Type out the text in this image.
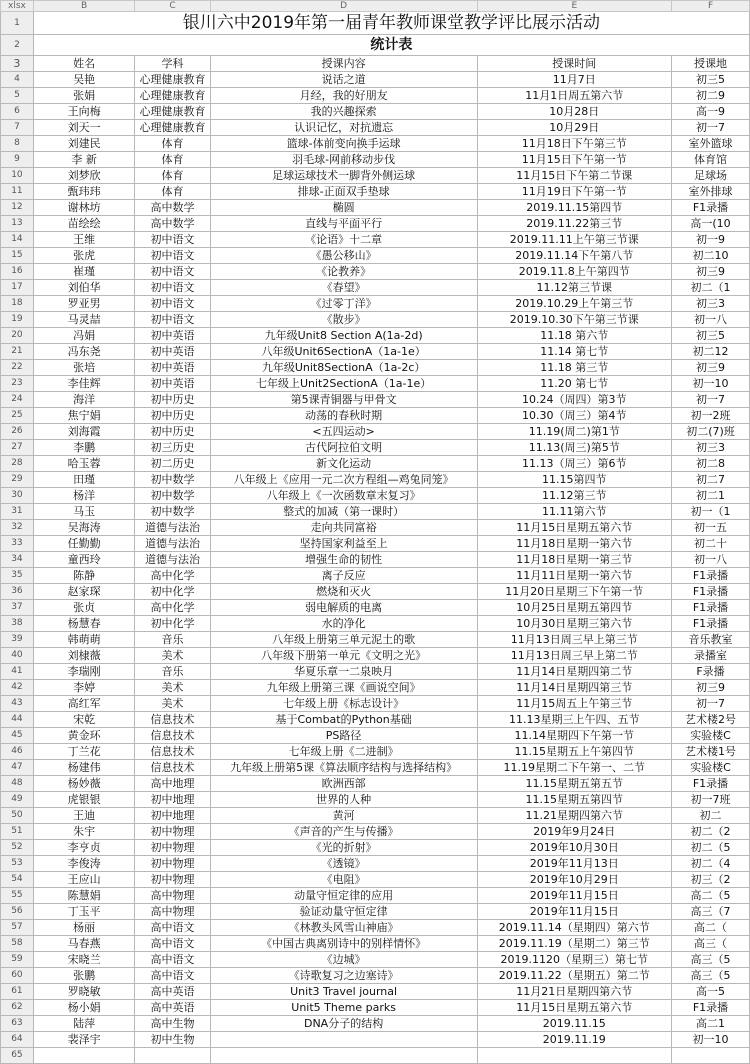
xlsx	B	C	D	E	F
1	银川六中2019年第一届青年教师课堂教学评比展示活动				
2	统计表				
3	姓名	学科	授课内容	授课时间	授课地
4	吴艳	心理健康教育	说话之道	11月7日	初三5
5	张娟	心理健康教育	月经，我的好朋友	11月1日周五第六节	初二9
6	王向梅	心理健康教育	我的兴趣探索	10月28日	高一9
7	刘天一	心理健康教育	认识记忆，对抗遗忘	10月29日	初一7
8	刘建民	体育	篮球-体前变向换手运球	11月18日下午第三节	室外篮球
9	李 新	体育	羽毛球-网前移动步伐	11月15日下午第一节	体育馆
10	刘梦欣	体育	足球运球技术一脚背外侧运球	11月15日下午第二节课	足球场
11	甄玮玮	体育	排球-正面双手垫球	11月19日下午第一节	室外排球
12	谢林坊	高中数学	椭圆	2019.11.15第四节	F1录播
13	苗绘绘	高中数学	直线与平面平行	2019.11.22第三节	高一(10
14	王维	初中语文	《论语》十二章	2019.11.11上午第三节课	初一9
15	张虎	初中语文	《愚公移山》	2019.11.14下午第八节	初二10
16	崔瑾	初中语文	《论教养》	2019.11.8上午第四节	初三9
17	刘伯华	初中语文	《春望》	11.12第三节课	初二（1
18	罗亚男	初中语文	《过零丁洋》	2019.10.29上午第三节	初三3
19	马灵喆	初中语文	《散步》	2019.10.30下午第三节课	初一八
20	冯娟	初中英语	九年级Unit8 Section A(1a-2d)	11.18 第六节	初三5
21	冯东尧	初中英语	八年级Unit6SectionA（1a-1e）	11.14 第七节	初二12
22	张培	初中英语	九年级Unit8SectionA（1a-2c）	11.18 第三节	初三9
23	李佳辉	初中英语	七年级上Unit2SectionA（1a-1e）	11.20 第七节	初一10
24	海洋	初中历史	第5课青铜器与甲骨文	10.24（周四）第3节	初一7
25	焦宁娟	初中历史	动荡的春秋时期	10.30（周三）第4节	初一2班
26	刘海霞	初中历史	<五四运动>	11.19(周二)第1节	初二(7)班
27	李鹏	初三历史	古代阿拉伯文明	11.13(周三)第5节	初三3
28	哈玉蓉	初二历史	新文化运动	11.13（周三）第6节	初二8
29	田瑾	初中数学	八年级上《应用一元二次方程组—鸡兔同笼》	11.15第四节	初二7
30	杨洋	初中数学	八年级上《一次函数章末复习》	11.12第三节	初二1
31	马玉	初中数学	整式的加减（第一课时）	11.11第六节	初一（1
32	吴海涛	道德与法治	走向共同富裕	11月15日星期五第六节	初一五
33	任勤勤	道德与法治	坚持国家利益至上	11月18日星期一第六节	初二十
34	童西玲	道德与法治	增强生命的韧性	11月18日星期一第三节	初一八
35	陈静	高中化学	离子反应	11月11日星期一第六节	F1录播
36	赵家琛	初中化学	燃烧和灭火	11月20日星期三下午第一节	F1录播
37	张贞	高中化学	弱电解质的电离	10月25日星期五第四节	F1录播
38	杨慧春	初中化学	水的净化	10月30日星期三第六节	F1录播
39	韩萌萌	音乐	八年级上册第三单元泥土的歌	11月13日周三早上第三节	音乐教室
40	刘棣薇	美术	八年级下册第一单元《文明之光》	11月13日周三早上第二节	录播室
41	李瑞刚	音乐	华夏乐章一二泉映月	11月14日星期四第二节	F录播
42	李婷	美术	九年级上册第三课《画说空间》	11月14日星期四第三节	初三9
43	高红军	美术	七年级上册《标志设计》	11月15周五上午第三节	初一7
44	宋乾	信息技术	基于Combat的Python基础	11.13星期三上午四、五节	艺术楼2号
45	黄金环	信息技术	PS路径	11.14星期四下午第一节	实验楼C
46	丁兰花	信息技术	七年级上册《二进制》	11.15星期五上午第四节	艺术楼1号
47	杨建伟	信息技术	九年级上册第5课《算法顺序结构与选择结构》	11.19星期二下午第一、二节	实验楼C
48	杨妙薇	高中地理	欧洲西部	11.15星期五第五节	F1录播
49	虎银银	初中地理	世界的人种	11.15星期五第四节	初一7班
50	王迪	初中地理	黄河	11.21星期四第六节	初二
51	朱宇	初中物理	《声音的产生与传播》	2019年9月24日	初二（2
52	李亨贞	初中物理	《光的折射》	2019年10月30日	初二（5
53	李俊涛	初中物理	《透镜》	2019年11月13日	初二（4
54	王应山	初中物理	《电阻》	2019年10月29日	初三（2
55	陈慧娟	高中物理	动量守恒定律的应用	2019年11月15日	高二（5
56	丁玉平	高中物理	验证动量守恒定律	2019年11月15日	高三（7
57	杨丽	高中语文	《林教头风雪山神庙》	2019.11.14（星期四）第六节	高二（
58	马春燕	高中语文	《中国古典离别诗中的别样情怀》	2019.11.19（星期二）第三节	高三（
59	宋晓兰	高中语文	《边城》	2019.1120（星期三）第七节	高三（5
60	张鹏	高中语文	《诗歌复习之边塞诗》	2019.11.22（星期五）第二节	高三（5
61	罗晓敏	高中英语	Unit3 Travel journal	11月21日星期四第六节	高一5
62	杨小娟	高中英语	Unit5 Theme parks	11月15日星期五第六节	F1录播
63	陆萍	高中生物	DNA分子的结构	2019.11.15	高二1
64	裴泽宇	初中生物		2019.11.19	初一10
65					
